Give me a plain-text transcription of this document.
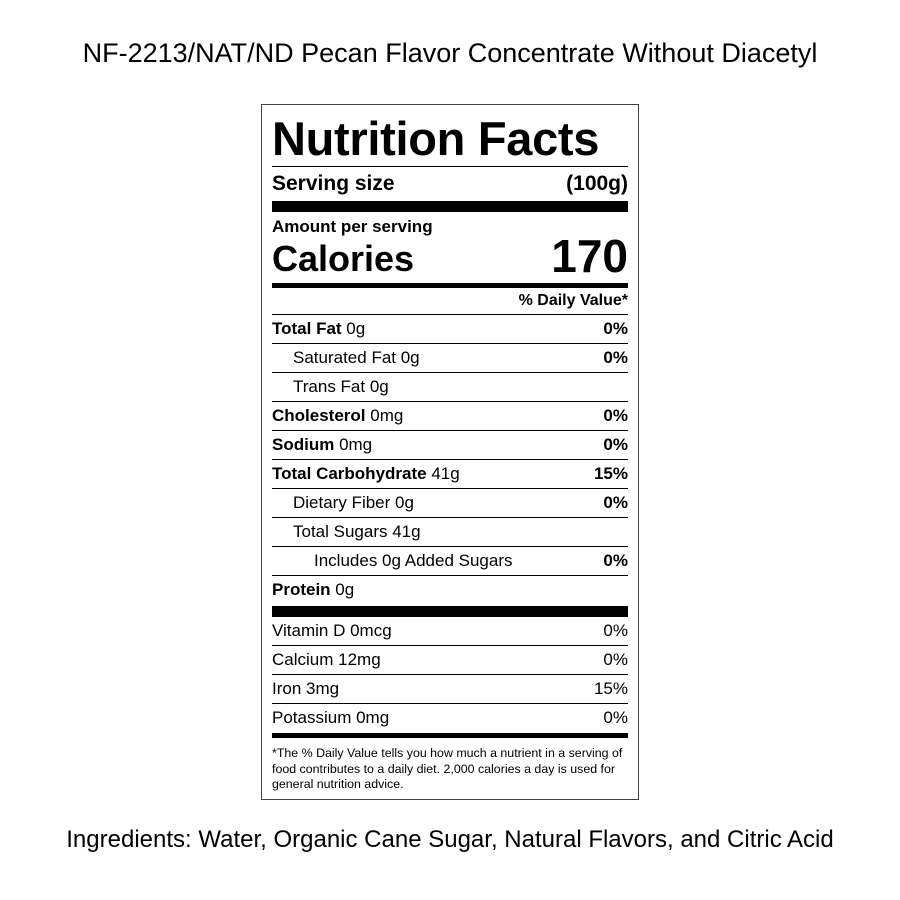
NF-2213/NAT/ND Pecan Flavor Concentrate Without Diacetyl
Nutrition Facts
Serving size	(100g)
Amount per serving
Calories	170
% Daily Value*
Total Fat 0g	0%
Saturated Fat 0g	0%
Trans Fat 0g
Cholesterol 0mg	0%
Sodium 0mg	0%
Total Carbohydrate 41g	15%
Dietary Fiber 0g	0%
Total Sugars 41g
Includes 0g Added Sugars	0%
Protein 0g
Vitamin D 0mcg	0%
Calcium 12mg	0%
Iron 3mg	15%
Potassium 0mg	0%
*The % Daily Value tells you how much a nutrient in a serving of food contributes to a daily diet. 2,000 calories a day is used for general nutrition advice.
Ingredients: Water, Organic Cane Sugar, Natural Flavors, and Citric Acid
